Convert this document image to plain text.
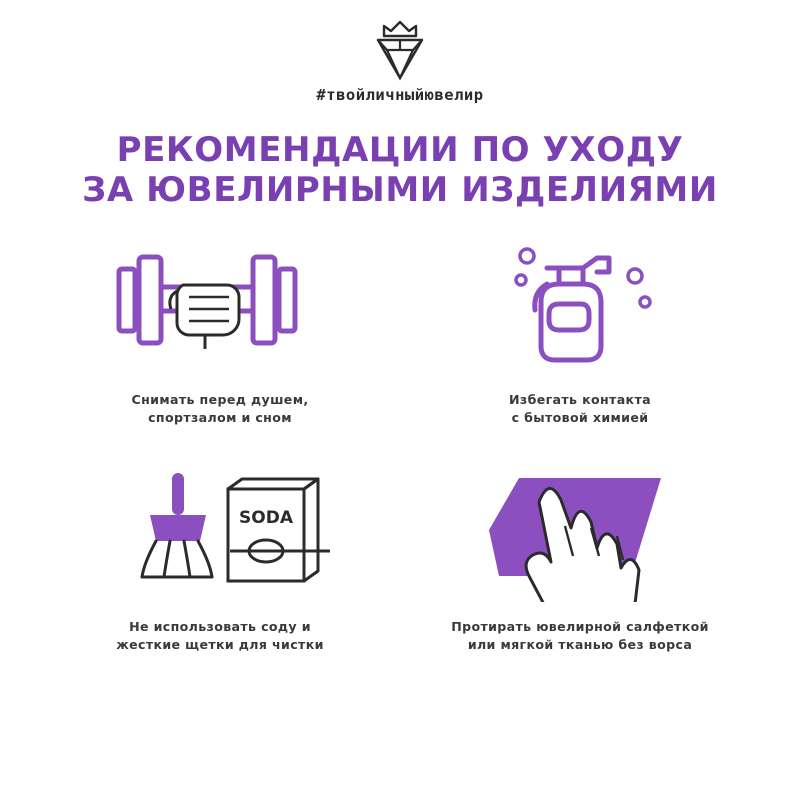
#твойличныйювелир
РЕКОМЕНДАЦИИ ПО УХОДУ
ЗА ЮВЕЛИРНЫМИ ИЗДЕЛИЯМИ
Снимать перед душем,
спортзалом и сном
Избегать контакта
с бытовой химией
SODA
Не использовать соду и
жесткие щетки для чистки
Протирать ювелирной салфеткой
или мягкой тканью без ворса
